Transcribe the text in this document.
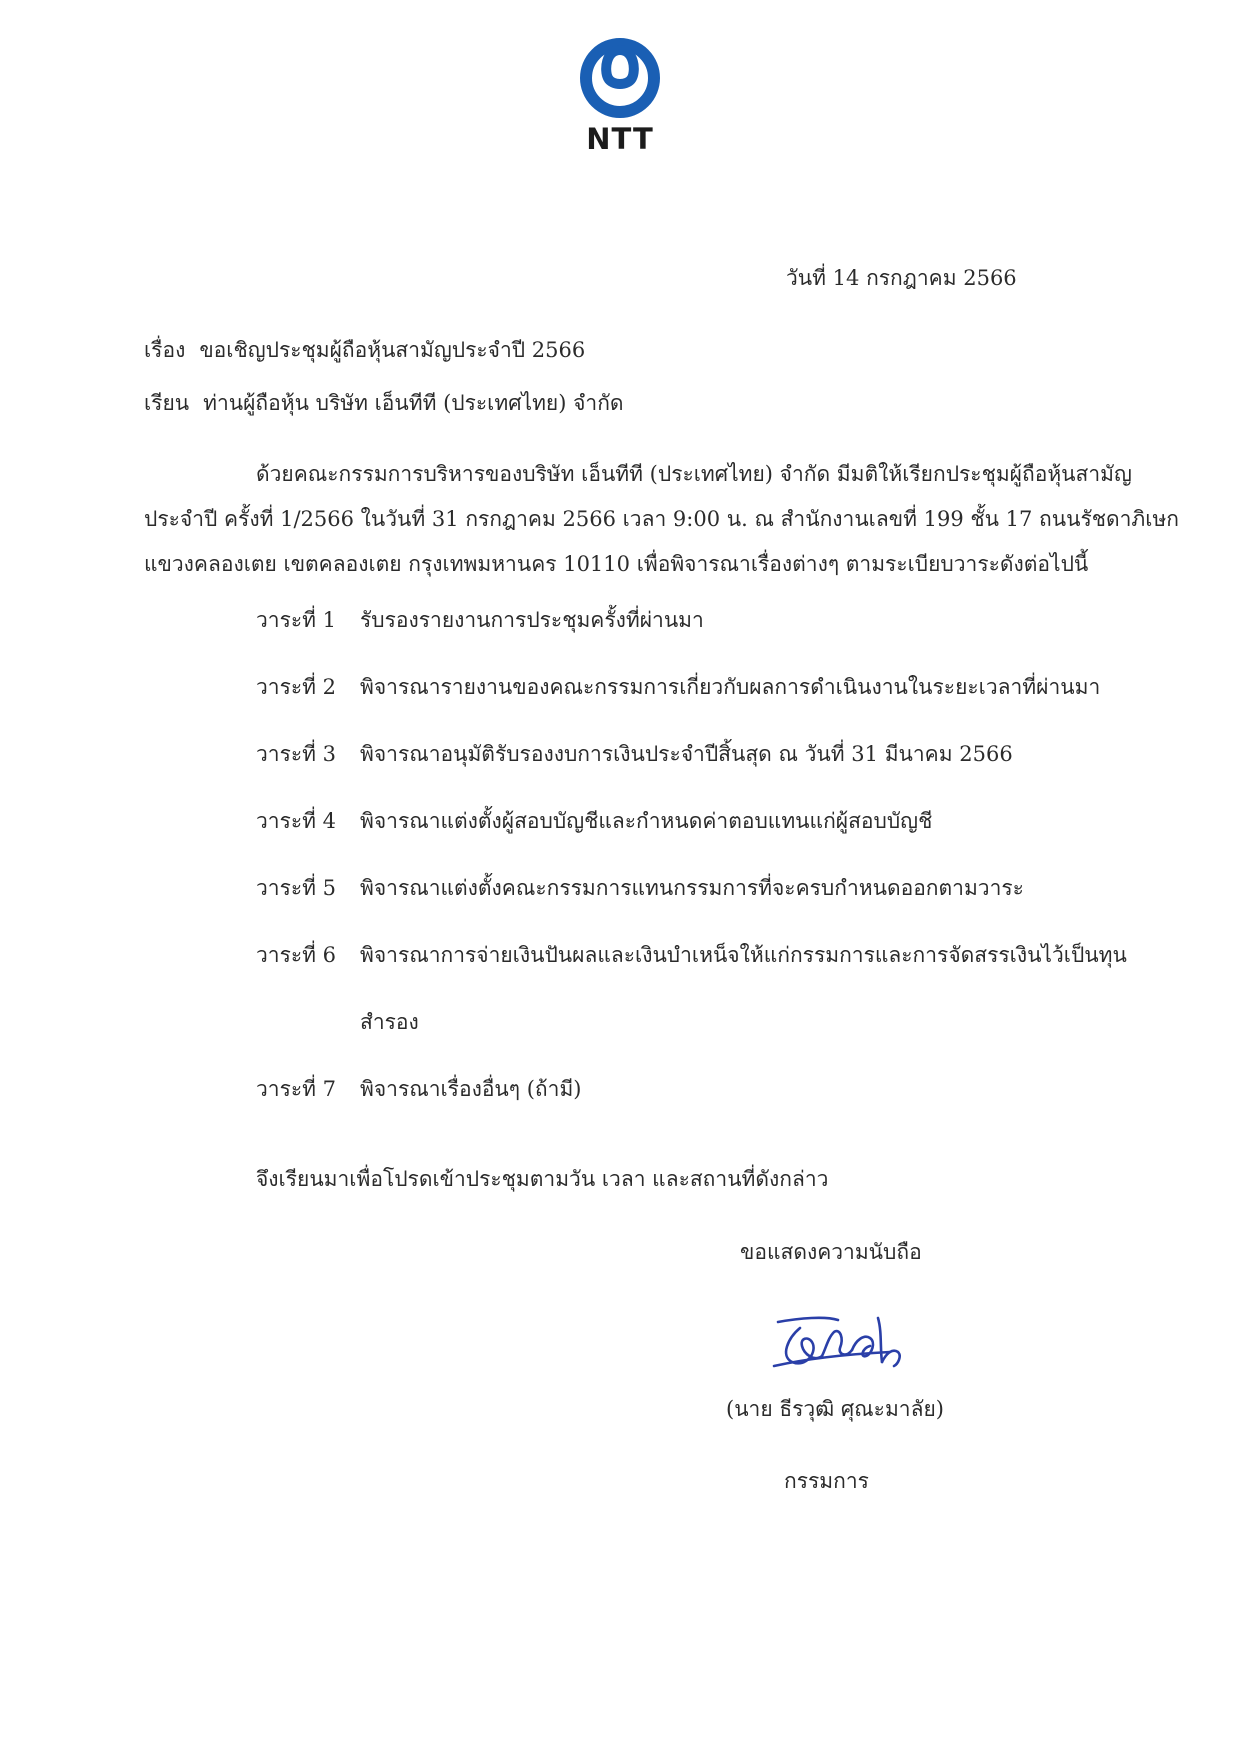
NTT
วันที่ 14 กรกฎาคม 2566
เรื่อง ขอเชิญประชุมผู้ถือหุ้นสามัญประจำปี 2566
เรียน ท่านผู้ถือหุ้น บริษัท เอ็นทีที (ประเทศไทย) จำกัด
ด้วยคณะกรรมการบริหารของบริษัท เอ็นทีที (ประเทศไทย) จำกัด มีมติให้เรียกประชุมผู้ถือหุ้นสามัญ
ประจำปี ครั้งที่ 1/2566 ในวันที่ 31 กรกฎาคม 2566 เวลา 9:00 น. ณ สำนักงานเลขที่ 199 ชั้น 17 ถนนรัชดาภิเษก
แขวงคลองเตย เขตคลองเตย กรุงเทพมหานคร 10110 เพื่อพิจารณาเรื่องต่างๆ ตามระเบียบวาระดังต่อไปนี้
วาระที่ 1 รับรองรายงานการประชุมครั้งที่ผ่านมา
วาระที่ 2 พิจารณารายงานของคณะกรรมการเกี่ยวกับผลการดำเนินงานในระยะเวลาที่ผ่านมา
วาระที่ 3 พิจารณาอนุมัติรับรองงบการเงินประจำปีสิ้นสุด ณ วันที่ 31 มีนาคม 2566
วาระที่ 4 พิจารณาแต่งตั้งผู้สอบบัญชีและกำหนดค่าตอบแทนแก่ผู้สอบบัญชี
วาระที่ 5 พิจารณาแต่งตั้งคณะกรรมการแทนกรรมการที่จะครบกำหนดออกตามวาระ
วาระที่ 6 พิจารณาการจ่ายเงินปันผลและเงินบำเหน็จให้แก่กรรมการและการจัดสรรเงินไว้เป็นทุน
สำรอง
วาระที่ 7 พิจารณาเรื่องอื่นๆ (ถ้ามี)
จึงเรียนมาเพื่อโปรดเข้าประชุมตามวัน เวลา และสถานที่ดังกล่าว
ขอแสดงความนับถือ
(นาย ธีรวุฒิ ศุณะมาลัย)
กรรมการ
